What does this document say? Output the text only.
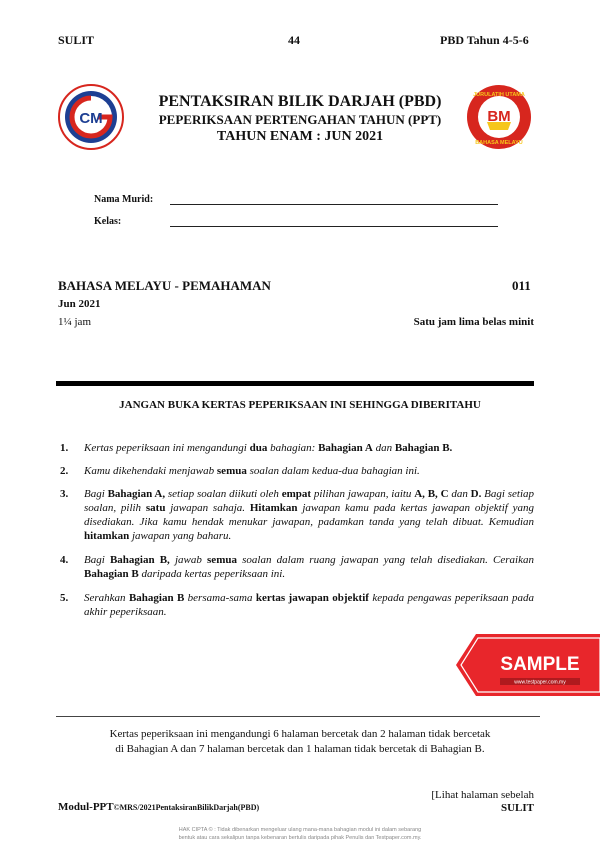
SULIT	44	PBD Tahun 4-5-6
CM	BM
JURULATIH UTAMA
BAHASA MELAYU
PENTAKSIRAN BILIK DARJAH (PBD)
PEPERIKSAAN PERTENGAHAN TAHUN (PPT)
TAHUN ENAM : JUN 2021
Nama Murid:
Kelas:
BAHASA MELAYU - PEMAHAMAN	011
Jun 2021
1¼ jam	Satu jam lima belas minit
JANGAN BUKA KERTAS PEPERIKSAAN INI SEHINGGA DIBERITAHU
1. Kertas peperiksaan ini mengandungi dua bahagian: Bahagian A dan Bahagian B.
2. Kamu dikehendaki menjawab semua soalan dalam kedua-dua bahagian ini.
3. Bagi Bahagian A, setiap soalan diikuti oleh empat pilihan jawapan, iaitu A, B, C dan D. Bagi setiap soalan, pilih satu jawapan sahaja. Hitamkan jawapan kamu pada kertas jawapan objektif yang disediakan. Jika kamu hendak menukar jawapan, padamkan tanda yang telah dibuat. Kemudian hitamkan jawapan yang baharu.
4. Bagi Bahagian B, jawab semua soalan dalam ruang jawapan yang telah disediakan. Ceraikan Bahagian B daripada kertas peperiksaan ini.
5. Serahkan Bahagian B bersama-sama kertas jawapan objektif kepada pengawas peperiksaan pada akhir peperiksaan.
SAMPLE
www.testpaper.com.my
Kertas peperiksaan ini mengandungi 6 halaman bercetak dan 2 halaman tidak bercetak
di Bahagian A dan 7 halaman bercetak dan 1 halaman tidak bercetak di Bahagian B.
[Lihat halaman sebelah
SULIT
Modul-PPT©MRS/2021PentaksiranBilikDarjah(PBD)
HAK CIPTA © : Tidak dibenarkan mengeluar ulang mana-mana bahagian modul ini dalam sebarang
bentuk atau cara sekalipun tanpa kebenaran bertulis daripada pihak Penulis dan Testpaper.com.my.
